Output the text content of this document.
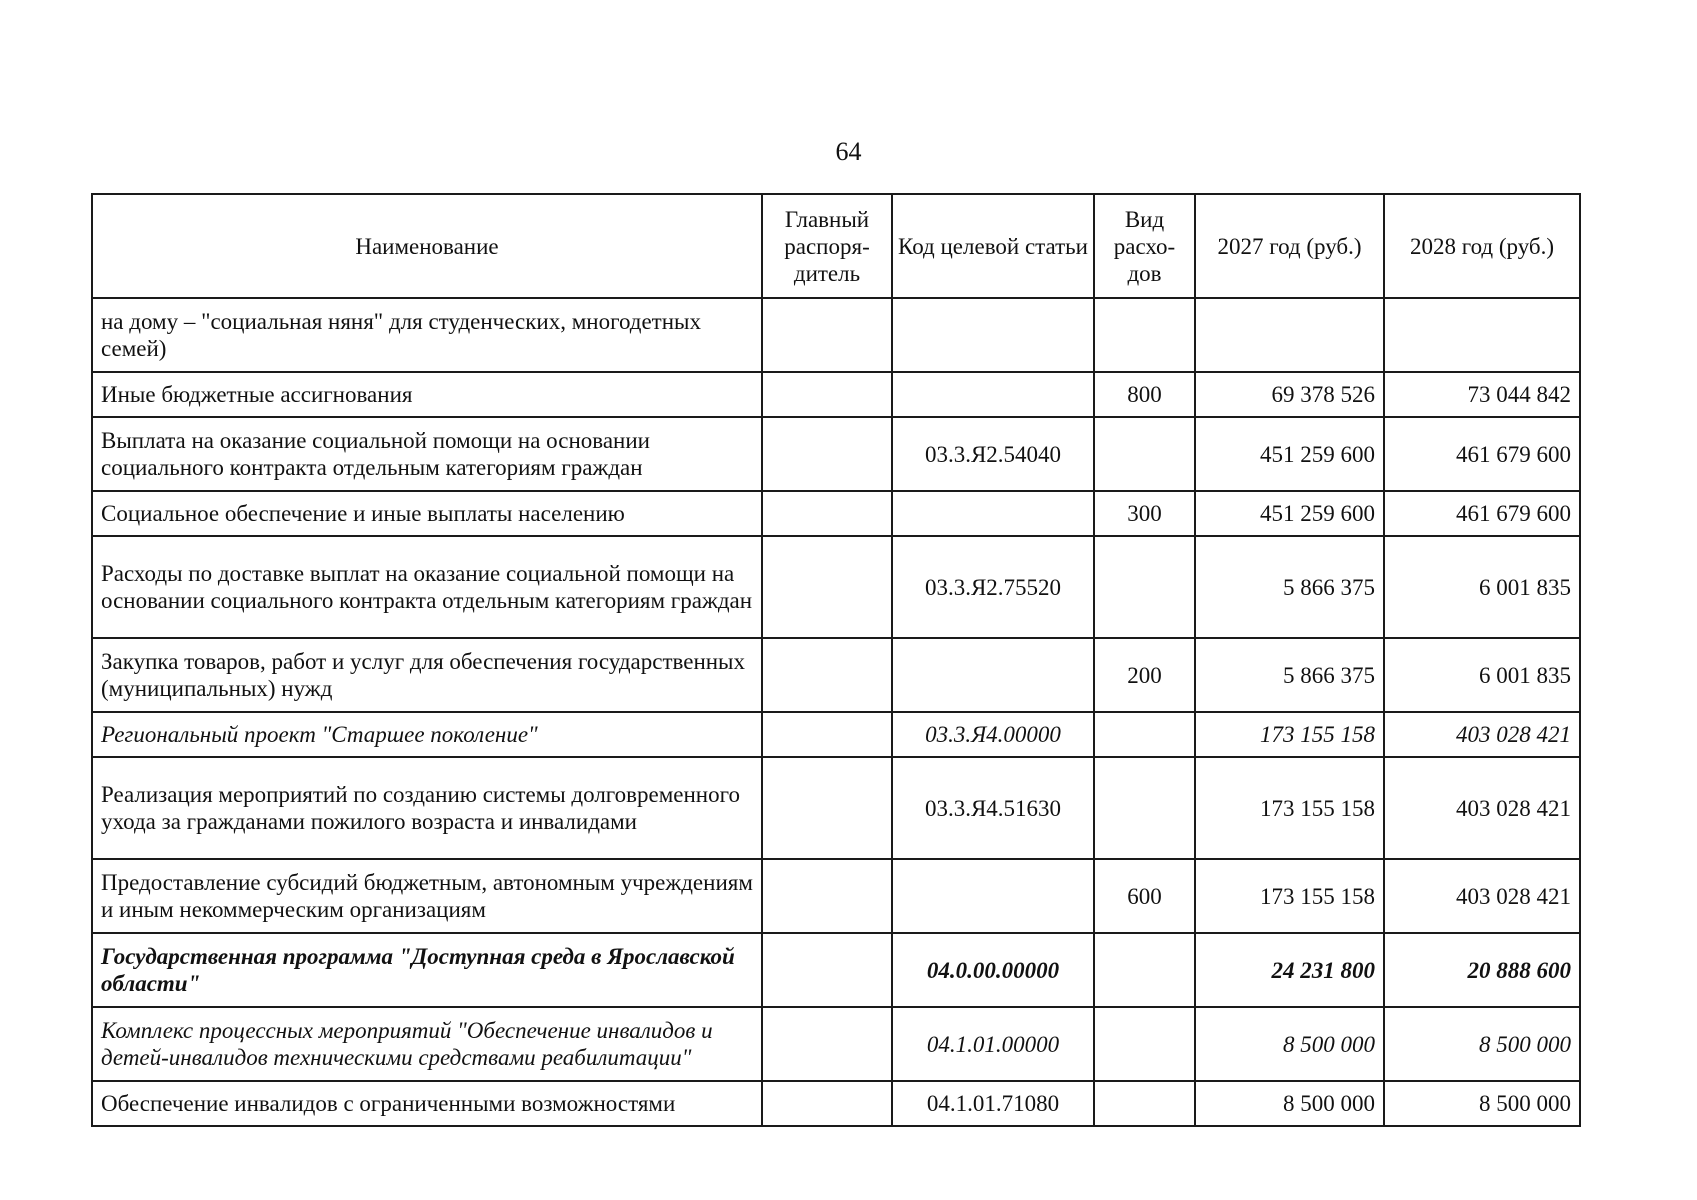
64
Наименование	Главный распоря-дитель	Код целевой статьи	Вид расхо-дов	2027 год (руб.)	2028 год (руб.)
на дому – "социальная няня" для студенческих, многодетных семей)					
Иные бюджетные ассигнования			800	69 378 526	73 044 842
Выплата на оказание социальной помощи на основании социального контракта отдельным категориям граждан		03.3.Я2.54040		451 259 600	461 679 600
Социальное обеспечение и иные выплаты населению			300	451 259 600	461 679 600
Расходы по доставке выплат на оказание социальной помощи на основании социального контракта отдельным категориям граждан		03.3.Я2.75520		5 866 375	6 001 835
Закупка товаров, работ и услуг для обеспечения государственных (муниципальных) нужд			200	5 866 375	6 001 835
Региональный проект "Старшее поколение"		03.3.Я4.00000		173 155 158	403 028 421
Реализация мероприятий по созданию системы долговременного ухода за гражданами пожилого возраста и инвалидами		03.3.Я4.51630		173 155 158	403 028 421
Предоставление субсидий бюджетным, автономным учреждениям и иным некоммерческим организациям			600	173 155 158	403 028 421
Государственная программа "Доступная среда в Ярославской области"		04.0.00.00000		24 231 800	20 888 600
Комплекс процессных мероприятий "Обеспечение инвалидов и детей-инвалидов техническими средствами реабилитации"		04.1.01.00000		8 500 000	8 500 000
Обеспечение инвалидов с ограниченными возможностями		04.1.01.71080		8 500 000	8 500 000
